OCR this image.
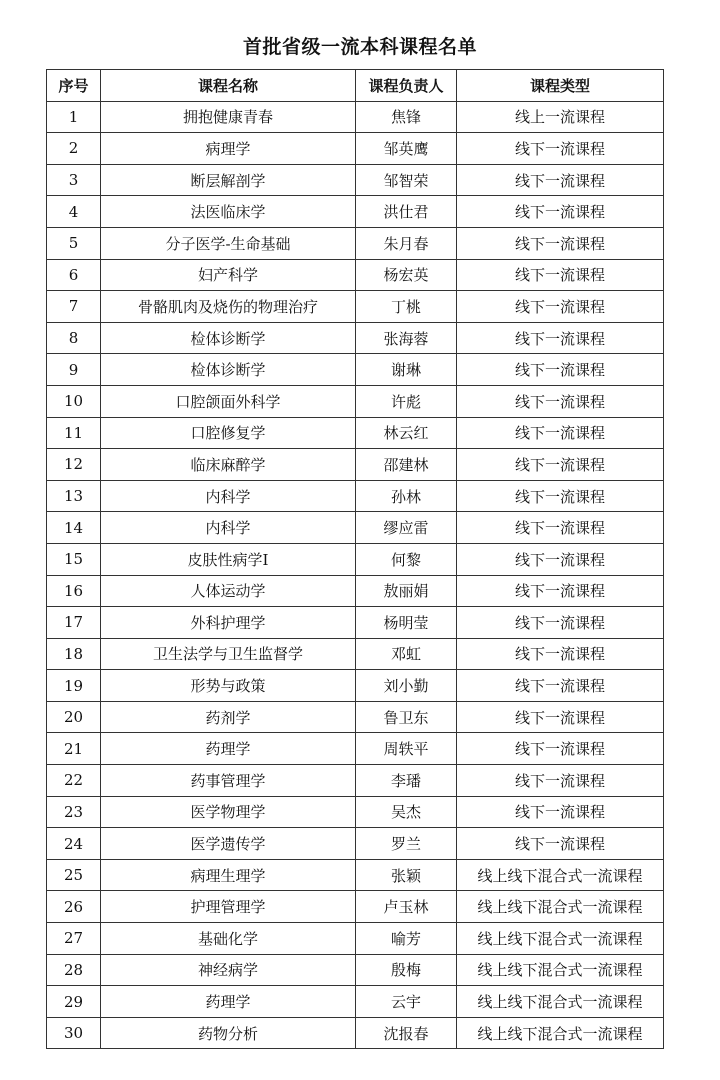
首批省级一流本科课程名单
序号	课程名称	课程负责人	课程类型
1	拥抱健康青春	焦锋	线上一流课程
2	病理学	邹英鹰	线下一流课程
3	断层解剖学	邹智荣	线下一流课程
4	法医临床学	洪仕君	线下一流课程
5	分子医学-生命基础	朱月春	线下一流课程
6	妇产科学	杨宏英	线下一流课程
7	骨骼肌肉及烧伤的物理治疗	丁桃	线下一流课程
8	检体诊断学	张海蓉	线下一流课程
9	检体诊断学	谢琳	线下一流课程
10	口腔颌面外科学	许彪	线下一流课程
11	口腔修复学	林云红	线下一流课程
12	临床麻醉学	邵建林	线下一流课程
13	内科学	孙林	线下一流课程
14	内科学	缪应雷	线下一流课程
15	皮肤性病学Ⅰ	何黎	线下一流课程
16	人体运动学	敖丽娟	线下一流课程
17	外科护理学	杨明莹	线下一流课程
18	卫生法学与卫生监督学	邓虹	线下一流课程
19	形势与政策	刘小勤	线下一流课程
20	药剂学	鲁卫东	线下一流课程
21	药理学	周轶平	线下一流课程
22	药事管理学	李璠	线下一流课程
23	医学物理学	吴杰	线下一流课程
24	医学遗传学	罗兰	线下一流课程
25	病理生理学	张颖	线上线下混合式一流课程
26	护理管理学	卢玉林	线上线下混合式一流课程
27	基础化学	喻芳	线上线下混合式一流课程
28	神经病学	殷梅	线上线下混合式一流课程
29	药理学	云宇	线上线下混合式一流课程
30	药物分析	沈报春	线上线下混合式一流课程
